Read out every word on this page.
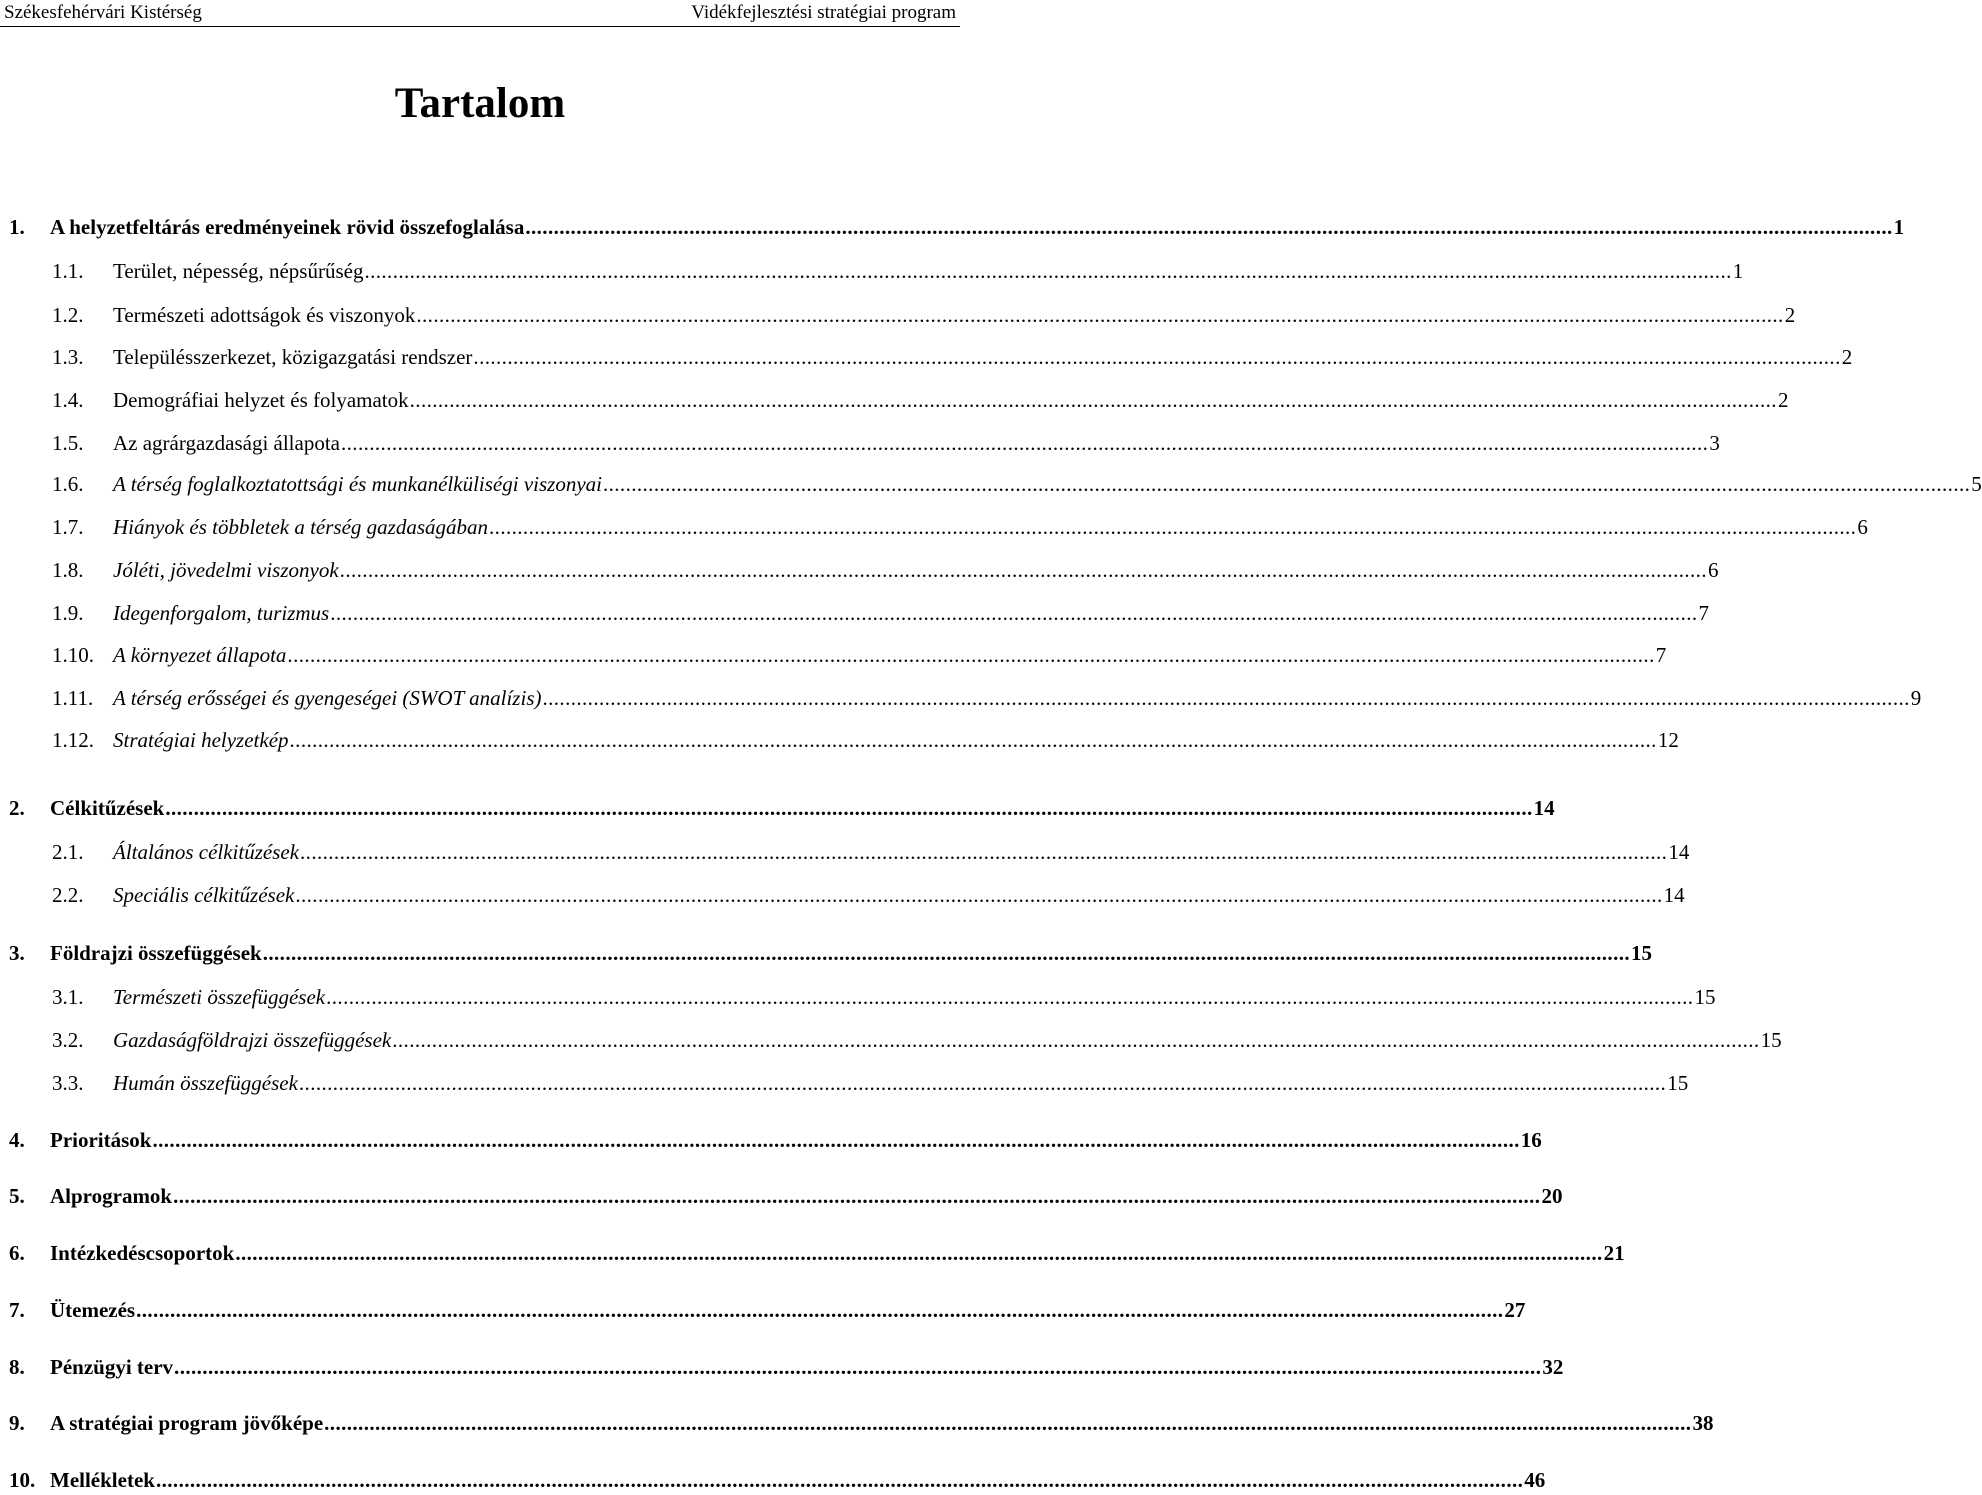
Székesfehérvári Kistérség	Vidékfejlesztési stratégiai program
Tartalom
1. A helyzetfeltárás eredményeinek rövid összefoglalása .................................................................................................................................................................................................................................................. 1
1.1. Terület, népesség, népsűrűség .................................................................................................................................................................................................................................................. 1
1.2. Természeti adottságok és viszonyok .................................................................................................................................................................................................................................................. 2
1.3. Településszerkezet, közigazgatási rendszer .................................................................................................................................................................................................................................................. 2
1.4. Demográfiai helyzet és folyamatok .................................................................................................................................................................................................................................................. 2
1.5. Az agrárgazdasági állapota .................................................................................................................................................................................................................................................. 3
1.6. A térség foglalkoztatottsági és munkanélküliségi viszonyai .................................................................................................................................................................................................................................................. 5
1.7. Hiányok és többletek a térség gazdaságában .................................................................................................................................................................................................................................................. 6
1.8. Jóléti, jövedelmi viszonyok .................................................................................................................................................................................................................................................. 6
1.9. Idegenforgalom, turizmus .................................................................................................................................................................................................................................................. 7
1.10. A környezet állapota .................................................................................................................................................................................................................................................. 7
1.11. A térség erősségei és gyengeségei (SWOT analízis) .................................................................................................................................................................................................................................................. 9
1.12. Stratégiai helyzetkép .................................................................................................................................................................................................................................................. 12
2. Célkitűzések .................................................................................................................................................................................................................................................. 14
2.1. Általános célkitűzések .................................................................................................................................................................................................................................................. 14
2.2. Speciális célkitűzések .................................................................................................................................................................................................................................................. 14
3. Földrajzi összefüggések .................................................................................................................................................................................................................................................. 15
3.1. Természeti összefüggések .................................................................................................................................................................................................................................................. 15
3.2. Gazdaságföldrajzi összefüggések .................................................................................................................................................................................................................................................. 15
3.3. Humán összefüggések .................................................................................................................................................................................................................................................. 15
4. Prioritások .................................................................................................................................................................................................................................................. 16
5. Alprogramok .................................................................................................................................................................................................................................................. 20
6. Intézkedéscsoportok .................................................................................................................................................................................................................................................. 21
7. Ütemezés .................................................................................................................................................................................................................................................. 27
8. Pénzügyi terv .................................................................................................................................................................................................................................................. 32
9. A stratégiai program jövőképe .................................................................................................................................................................................................................................................. 38
10. Mellékletek .................................................................................................................................................................................................................................................. 46
